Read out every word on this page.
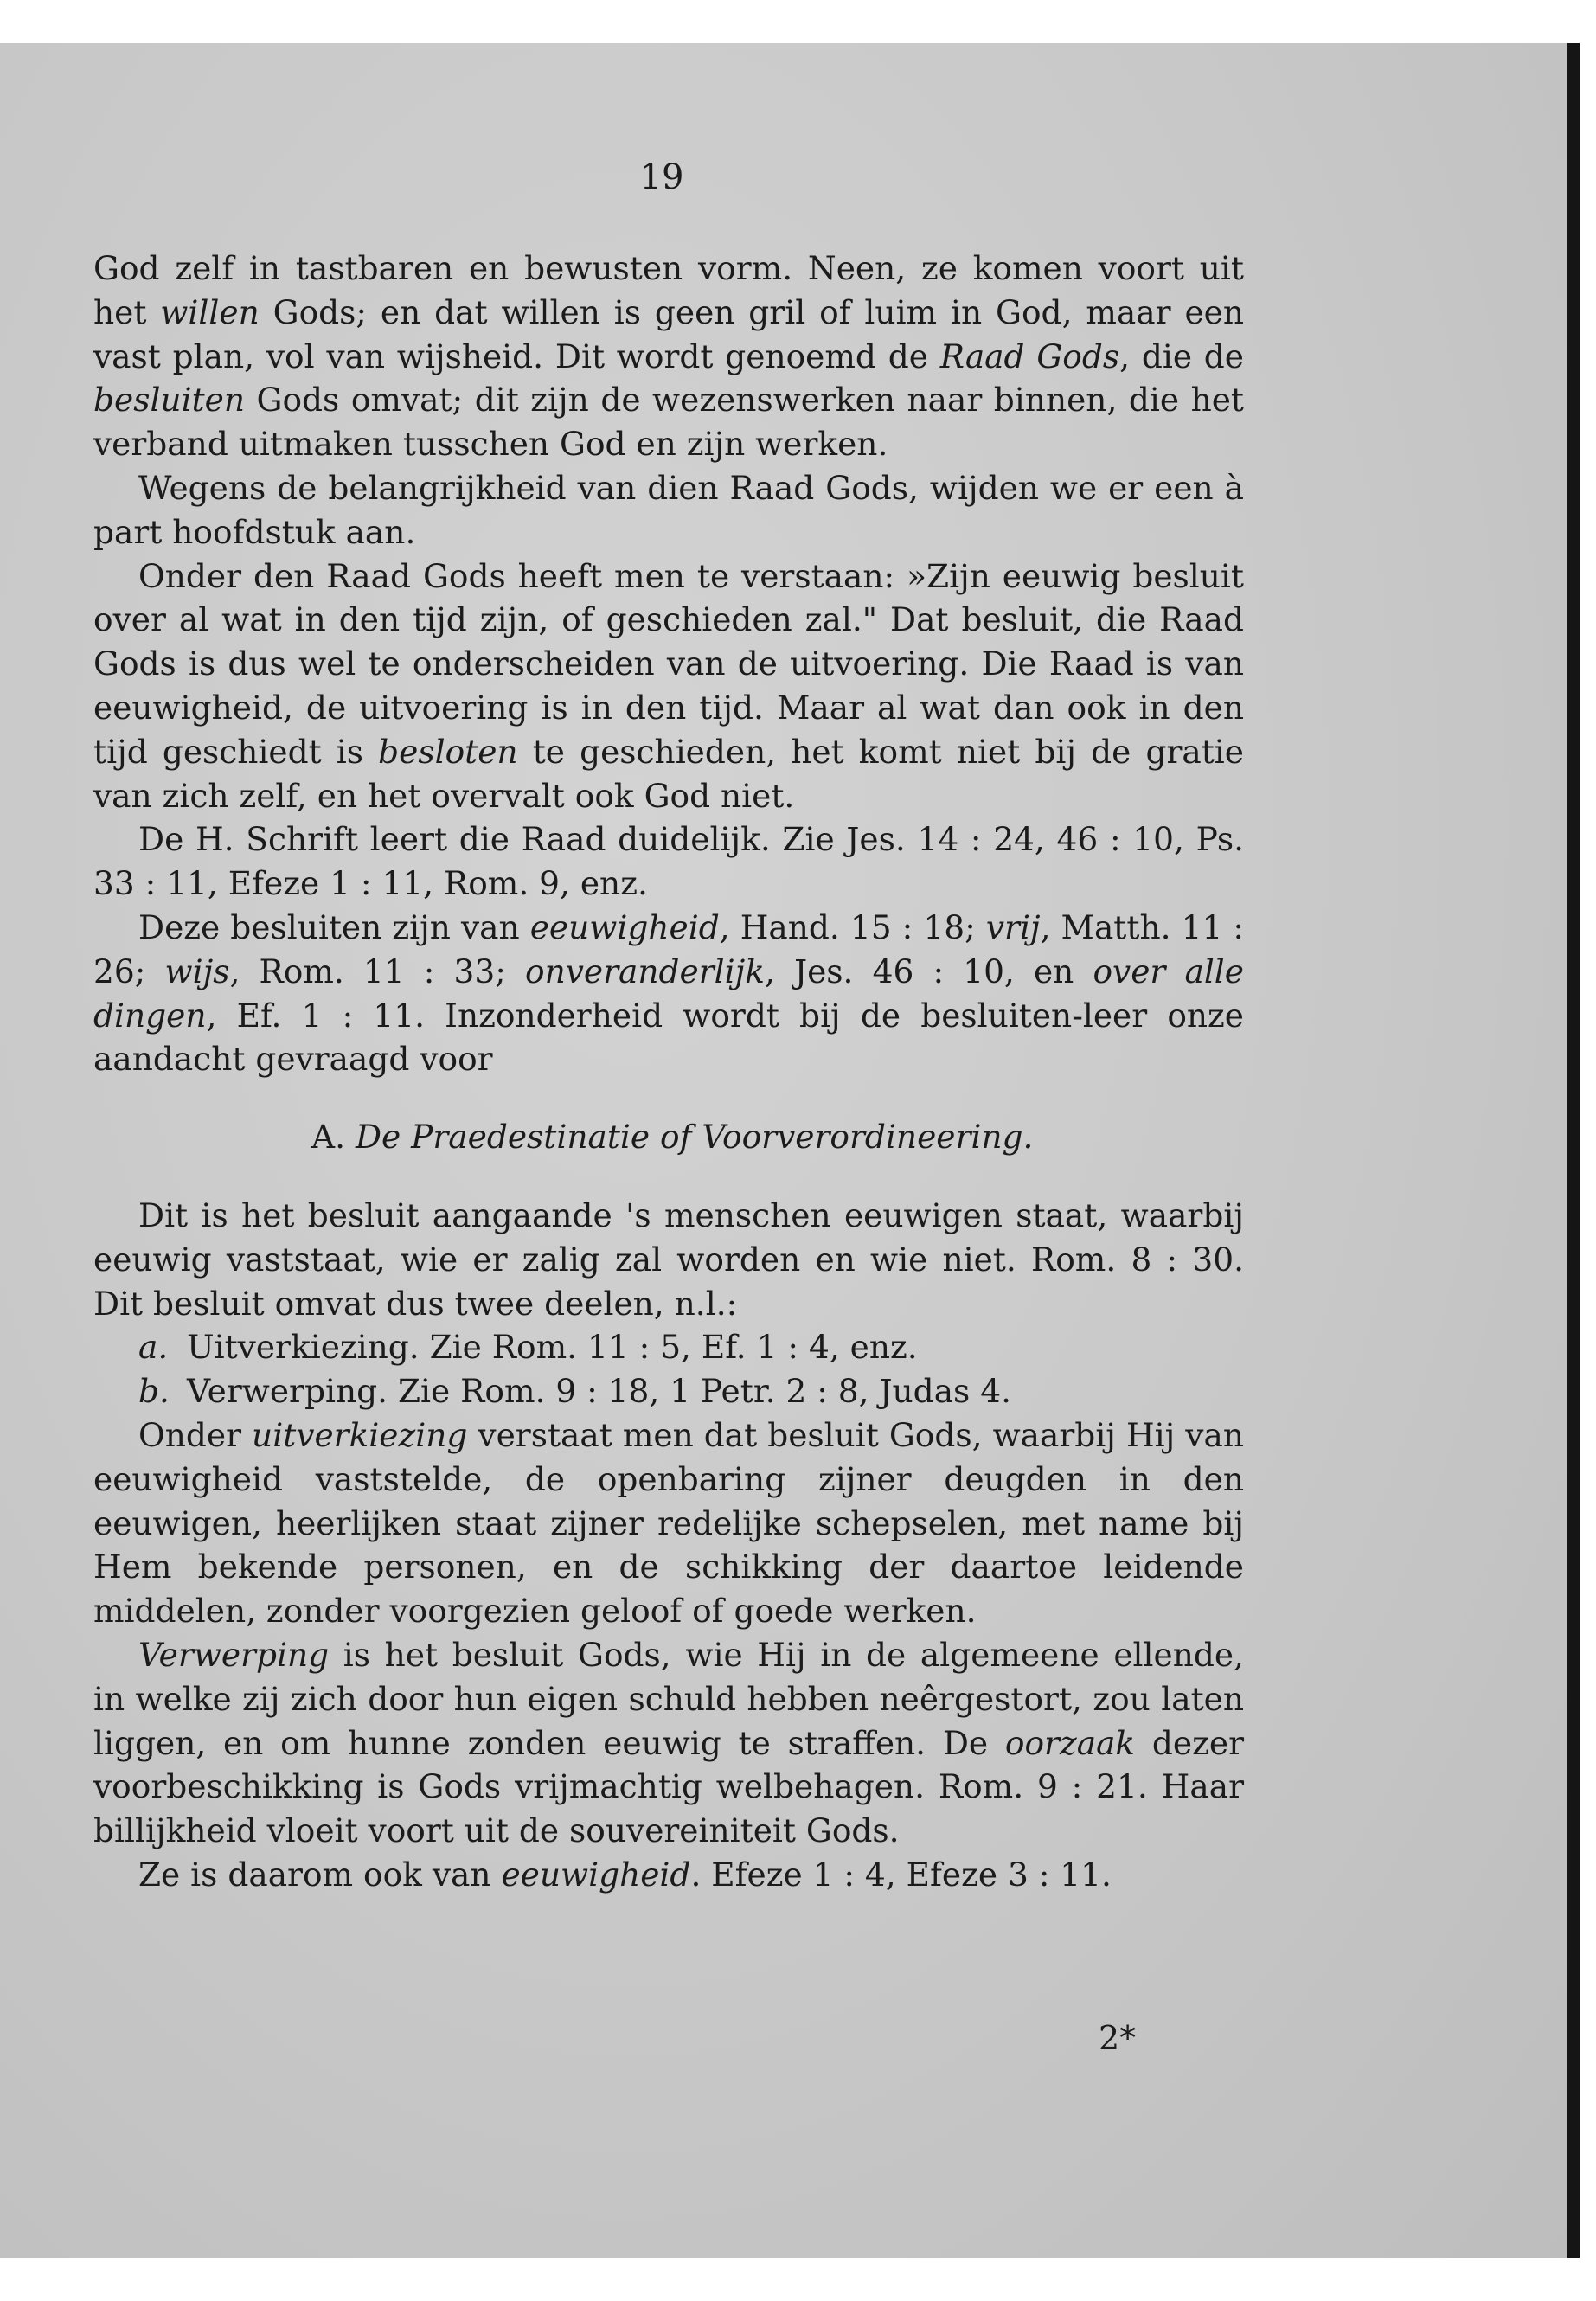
19

God zelf in tastbaren en bewusten vorm. Neen, ze komen voort uit het willen Gods; en dat willen is geen gril of luim in God, maar een vast plan, vol van wijsheid. Dit wordt genoemd de Raad Gods, die de besluiten Gods omvat; dit zijn de wezenswerken naar binnen, die het verband uitmaken tusschen God en zijn werken.

Wegens de belangrijkheid van dien Raad Gods, wijden we er een à part hoofdstuk aan.

Onder den Raad Gods heeft men te verstaan: »Zijn eeuwig besluit over al wat in den tijd zijn, of geschieden zal." Dat besluit, die Raad Gods is dus wel te onderscheiden van de uitvoering. Die Raad is van eeuwigheid, de uitvoering is in den tijd. Maar al wat dan ook in den tijd geschiedt is besloten te geschieden, het komt niet bij de gratie van zich zelf, en het overvalt ook God niet.

De H. Schrift leert die Raad duidelijk. Zie Jes. 14 : 24, 46 : 10, Ps. 33 : 11, Efeze 1 : 11, Rom. 9, enz.

Deze besluiten zijn van eeuwigheid, Hand. 15 : 18; vrij, Matth. 11 : 26; wijs, Rom. 11 : 33; onveranderlijk, Jes. 46 : 10, en over alle dingen, Ef. 1 : 11. Inzonderheid wordt bij de besluiten-leer onze aandacht gevraagd voor

A. De Praedestinatie of Voorverordineering.

Dit is het besluit aangaande 's menschen eeuwigen staat, waarbij eeuwig vaststaat, wie er zalig zal worden en wie niet. Rom. 8 : 30. Dit besluit omvat dus twee deelen, n.l.:

a. Uitverkiezing. Zie Rom. 11 : 5, Ef. 1 : 4, enz.

b. Verwerping. Zie Rom. 9 : 18, 1 Petr. 2 : 8, Judas 4.

Onder uitverkiezing verstaat men dat besluit Gods, waarbij Hij van eeuwigheid vaststelde, de openbaring zijner deugden in den eeuwigen, heerlijken staat zijner redelijke schepselen, met name bij Hem bekende personen, en de schikking der daartoe leidende middelen, zonder voorgezien geloof of goede werken.

Verwerping is het besluit Gods, wie Hij in de algemeene ellende, in welke zij zich door hun eigen schuld hebben neêrgestort, zou laten liggen, en om hunne zonden eeuwig te straffen. De oorzaak dezer voorbeschikking is Gods vrijmachtig welbehagen. Rom. 9 : 21. Haar billijkheid vloeit voort uit de souvereiniteit Gods.

Ze is daarom ook van eeuwigheid. Efeze 1 : 4, Efeze 3 : 11.

2*
